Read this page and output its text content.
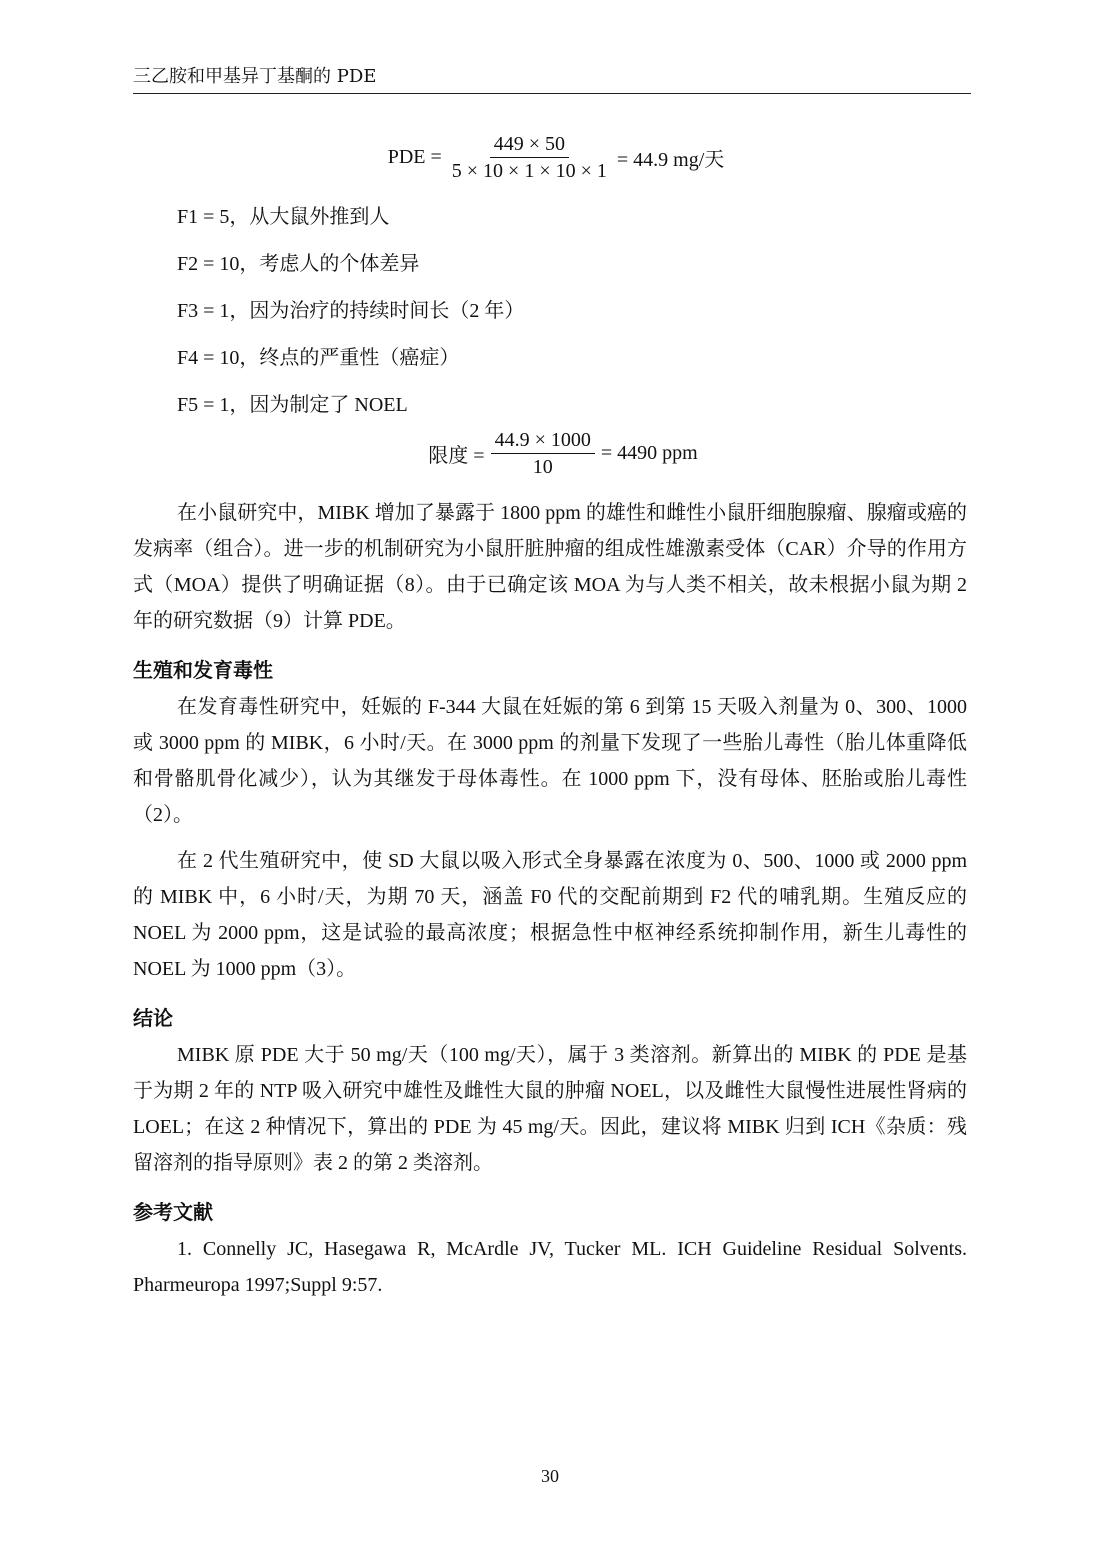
三乙胺和甲基异丁基酮的 PDE
PDE = $\frac{449 \times 50}{5 \times 10 \times 1 \times 10 \times 1} = 44.9$ mg/天
F1 = 5，从大鼠外推到人
F2 = 10，考虑人的个体差异
F3 = 1，因为治疗的持续时间长（2 年）
F4 = 10，终点的严重性（癌症）
F5 = 1，因为制定了 NOEL
限度 = $\frac{44.9 \times 1000}{10} = 4490$ ppm

在小鼠研究中，MIBK 增加了暴露于 1800 ppm 的雄性和雌性小鼠肝细胞腺瘤、腺瘤或癌的发病率（组合）。进一步的机制研究为小鼠肝脏肿瘤的组成性雄激素受体（CAR）介导的作用方式（MOA）提供了明确证据（8）。由于已确定该 MOA 为与人类不相关，故未根据小鼠为期 2 年的研究数据（9）计算 PDE。

生殖和发育毒性

在发育毒性研究中，妊娠的 F-344 大鼠在妊娠的第 6 到第 15 天吸入剂量为 0、300、1000 或 3000 ppm 的 MIBK，6 小时/天。在 3000 ppm 的剂量下发现了一些胎儿毒性（胎儿体重降低和骨骼肌骨化减少），认为其继发于母体毒性。在 1000 ppm 下，没有母体、胚胎或胎儿毒性（2）。

在 2 代生殖研究中，使 SD 大鼠以吸入形式全身暴露在浓度为 0、500、1000 或 2000 ppm 的 MIBK 中，6 小时/天，为期 70 天，涵盖 F0 代的交配前期到 F2 代的哺乳期。生殖反应的 NOEL 为 2000 ppm，这是试验的最高浓度；根据急性中枢神经系统抑制作用，新生儿毒性的 NOEL 为 1000 ppm（3）。

结论

MIBK 原 PDE 大于 50 mg/天（100 mg/天），属于 3 类溶剂。新算出的 MIBK 的 PDE 是基于为期 2 年的 NTP 吸入研究中雄性及雌性大鼠的肿瘤 NOEL，以及雌性大鼠慢性进展性肾病的 LOEL；在这 2 种情况下，算出的 PDE 为 45 mg/天。因此，建议将 MIBK 归到 ICH《杂质：残留溶剂的指导原则》表 2 的第 2 类溶剂。

参考文献

1. Connelly JC, Hasegawa R, McArdle JV, Tucker ML. ICH Guideline Residual Solvents. Pharmeuropa 1997;Suppl 9:57.

30
